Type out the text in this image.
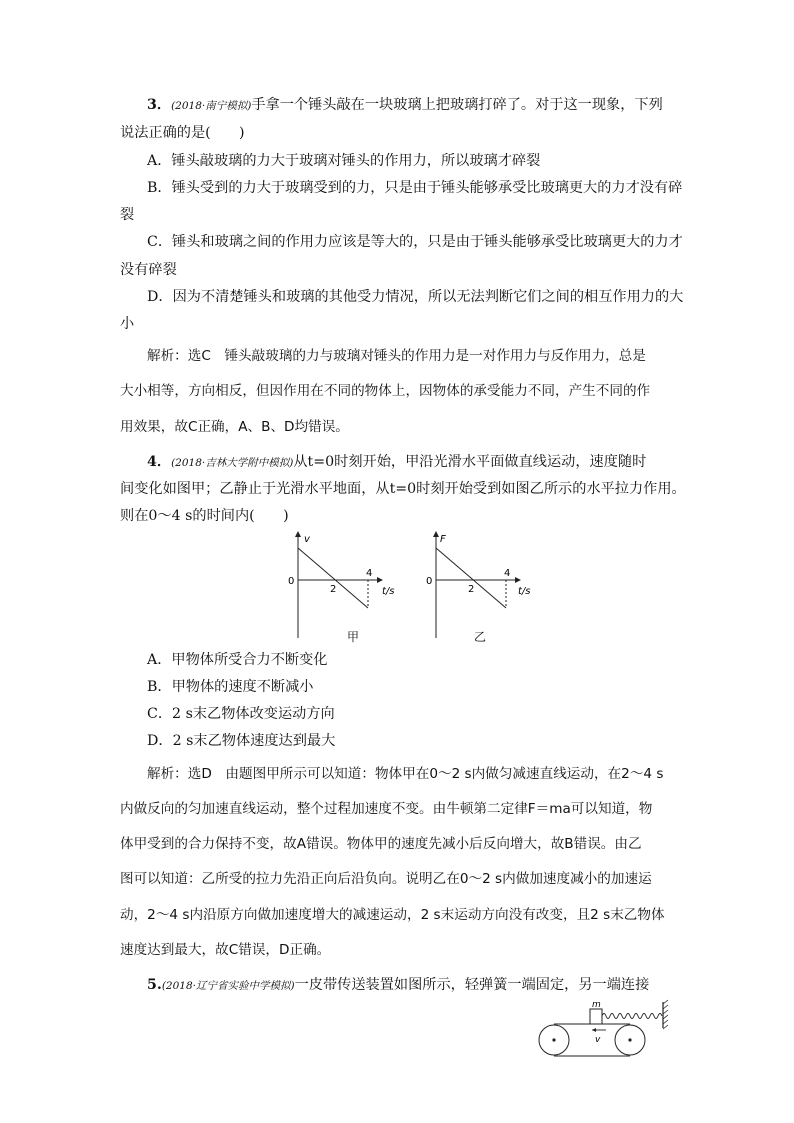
3．(2018·南宁模拟)手拿一个锤头敲在一块玻璃上把玻璃打碎了。对于这一现象，下列
说法正确的是(　　)
A．锤头敲玻璃的力大于玻璃对锤头的作用力，所以玻璃才碎裂
B．锤头受到的力大于玻璃受到的力，只是由于锤头能够承受比玻璃更大的力才没有碎
裂
C．锤头和玻璃之间的作用力应该是等大的，只是由于锤头能够承受比玻璃更大的力才
没有碎裂
D．因为不清楚锤头和玻璃的其他受力情况，所以无法判断它们之间的相互作用力的大
小
解析：选C　锤头敲玻璃的力与玻璃对锤头的作用力是一对作用力与反作用力，总是
大小相等，方向相反，但因作用在不同的物体上，因物体的承受能力不同，产生不同的作
用效果，故C正确，A、B、D均错误。
4．(2018·吉林大学附中模拟)从t=0时刻开始，甲沿光滑水平面做直线运动，速度随时
间变化如图甲；乙静止于光滑水平地面，从t=0时刻开始受到如图乙所示的水平拉力作用。
则在0～4 s的时间内(　　)
v
0
2
4
t/s
甲
F
0
2
4
t/s
乙
A．甲物体所受合力不断变化
B．甲物体的速度不断减小
C．2 s末乙物体改变运动方向
D．2 s末乙物体速度达到最大
解析：选D　由题图甲所示可以知道：物体甲在0～2 s内做匀减速直线运动，在2～4 s
内做反向的匀加速直线运动，整个过程加速度不变。由牛顿第二定律F＝ma可以知道，物
体甲受到的合力保持不变，故A错误。物体甲的速度先减小后反向增大，故B错误。由乙
图可以知道：乙所受的拉力先沿正向后沿负向。说明乙在0～2 s内做加速度减小的加速运
动，2～4 s内沿原方向做加速度增大的减速运动，2 s末运动方向没有改变，且2 s末乙物体
速度达到最大，故C错误，D正确。
5.(2018·辽宁省实验中学模拟)一皮带传送装置如图所示，轻弹簧一端固定，另一端连接
m
v
